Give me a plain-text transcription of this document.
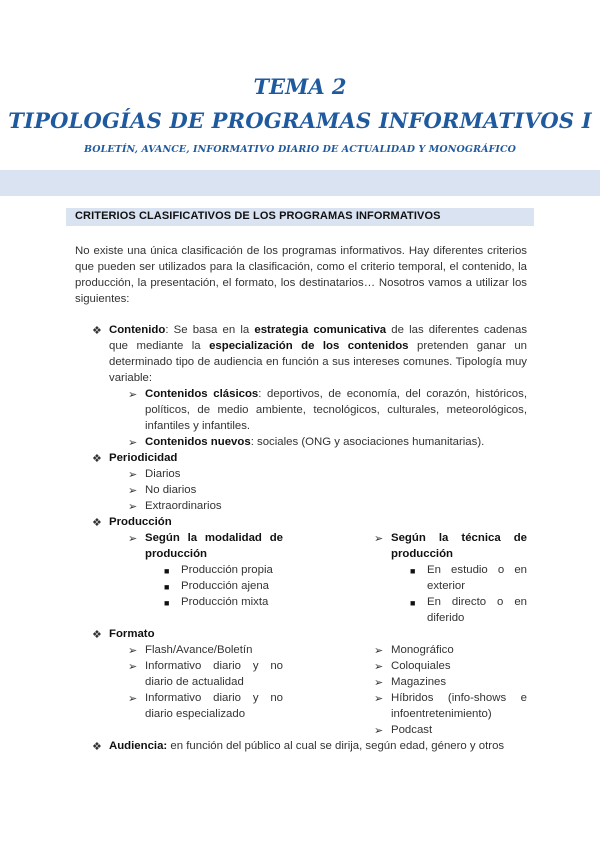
TEMA 2
TIPOLOGÍAS DE PROGRAMAS INFORMATIVOS I
BOLETÍN, AVANCE, INFORMATIVO DIARIO DE ACTUALIDAD Y MONOGRÁFICO
CRITERIOS CLASIFICATIVOS DE LOS PROGRAMAS INFORMATIVOS
No existe una única clasificación de los programas informativos. Hay diferentes criterios que pueden ser utilizados para la clasificación, como el criterio temporal, el contenido, la producción, la presentación, el formato, los destinatarios… Nosotros vamos a utilizar los siguientes:
❖ Contenido: Se basa en la estrategia comunicativa de las diferentes cadenas que mediante la especialización de los contenidos pretenden ganar un determinado tipo de audiencia en función a sus intereses comunes. Tipología muy variable:
➢ Contenidos clásicos: deportivos, de economía, del corazón, históricos, políticos, de medio ambiente, tecnológicos, culturales, meteorológicos, infantiles y infantiles.
➢ Contenidos nuevos: sociales (ONG y asociaciones humanitarias).
❖ Periodicidad
➢ Diarios
➢ No diarios
➢ Extraordinarios
❖ Producción
➢ Según la modalidad de producción
■ Producción propia
■ Producción ajena
■ Producción mixta
➢ Según la técnica de producción
■ En estudio o en exterior
■ En directo o en diferido
❖ Formato
➢ Flash/Avance/Boletín
➢ Informativo diario y no diario de actualidad
➢ Informativo diario y no diario especializado
➢ Monográfico
➢ Coloquiales
➢ Magazines
➢ Híbridos (info-shows e infoentretenimiento)
➢ Podcast
❖ Audiencia: en función del público al cual se dirija, según edad, género y otros
